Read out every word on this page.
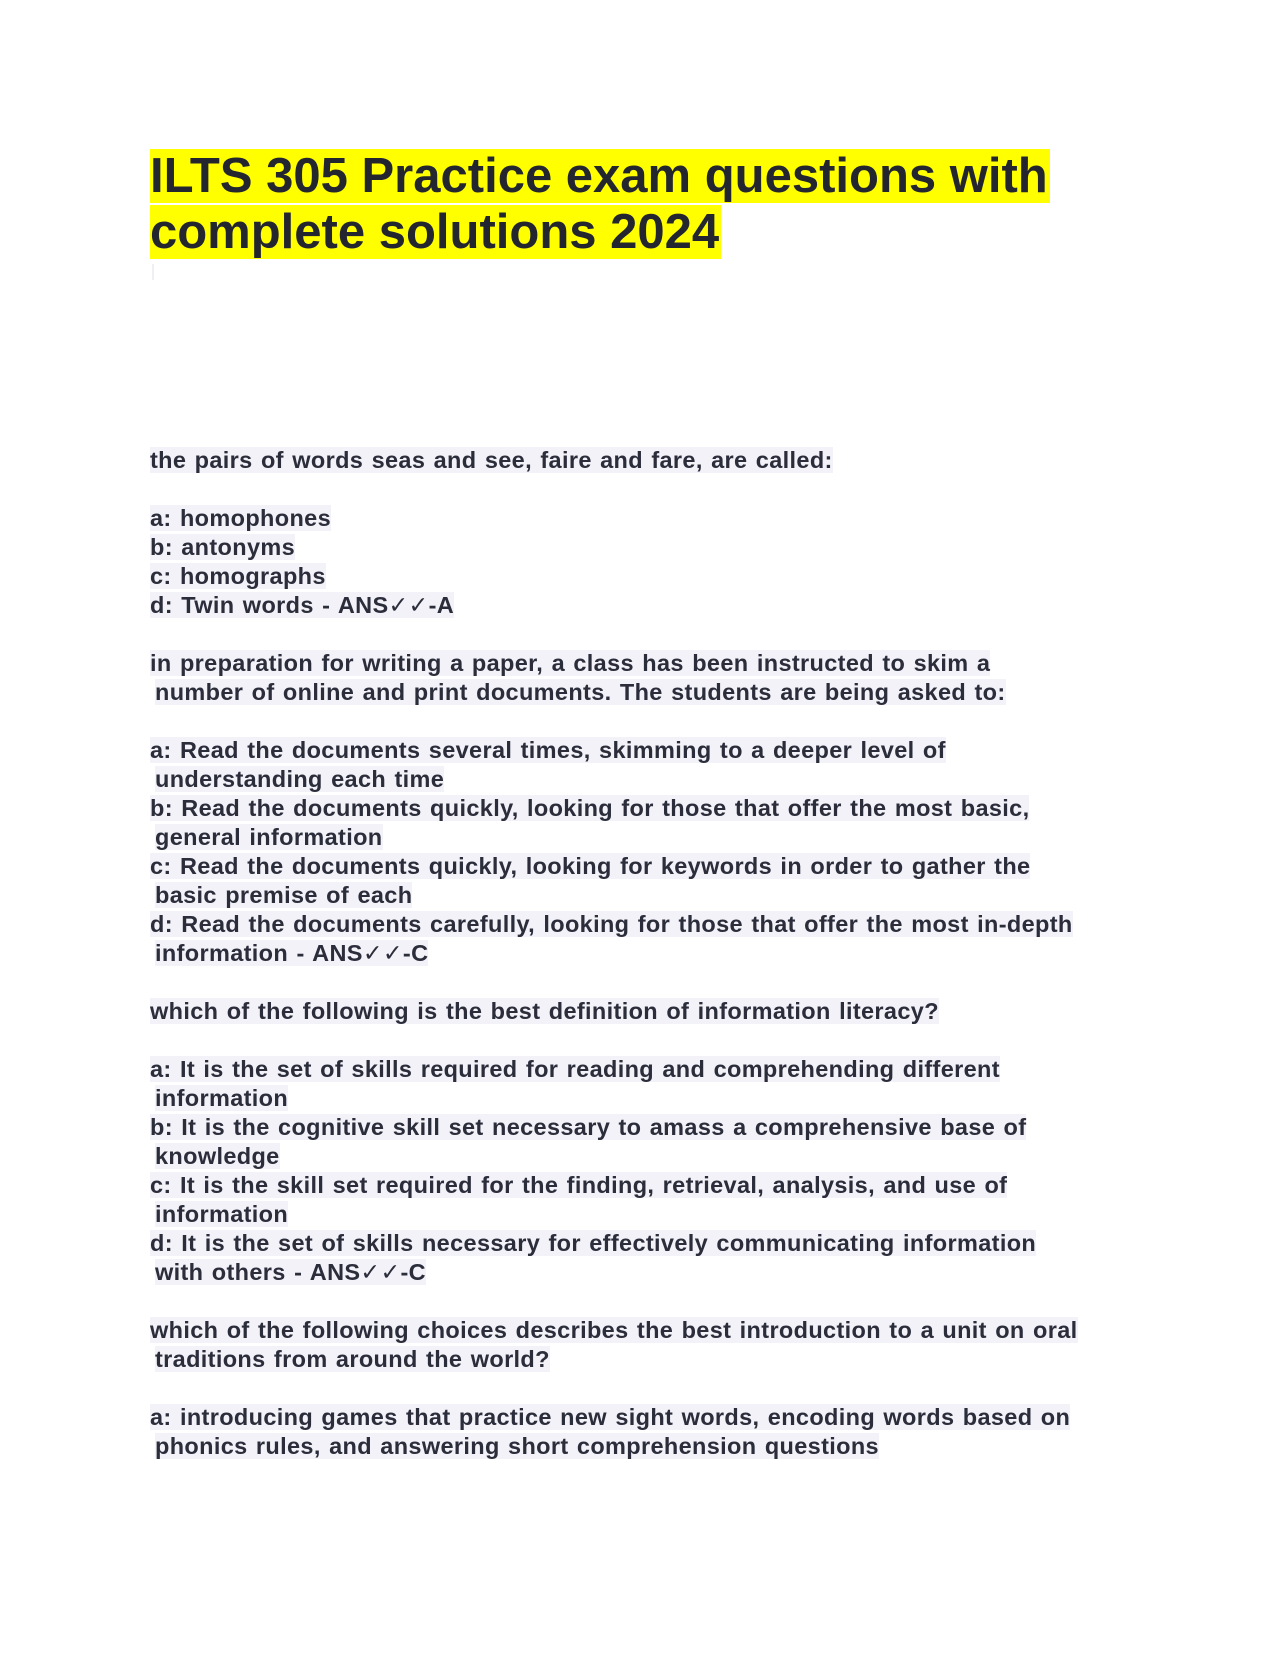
ILTS 305 Practice exam questions with
complete solutions 2024
the pairs of words seas and see, faire and fare, are called:
a: homophones
b: antonyms
c: homographs
d: Twin words - ANS✓✓-A
in preparation for writing a paper, a class has been instructed to skim a
number of online and print documents. The students are being asked to:
a: Read the documents several times, skimming to a deeper level of
understanding each time
b: Read the documents quickly, looking for those that offer the most basic,
general information
c: Read the documents quickly, looking for keywords in order to gather the
basic premise of each
d: Read the documents carefully, looking for those that offer the most in-depth
information - ANS✓✓-C
which of the following is the best definition of information literacy?
a: It is the set of skills required for reading and comprehending different
information
b: It is the cognitive skill set necessary to amass a comprehensive base of
knowledge
c: It is the skill set required for the finding, retrieval, analysis, and use of
information
d: It is the set of skills necessary for effectively communicating information
with others - ANS✓✓-C
which of the following choices describes the best introduction to a unit on oral
traditions from around the world?
a: introducing games that practice new sight words, encoding words based on
phonics rules, and answering short comprehension questions
